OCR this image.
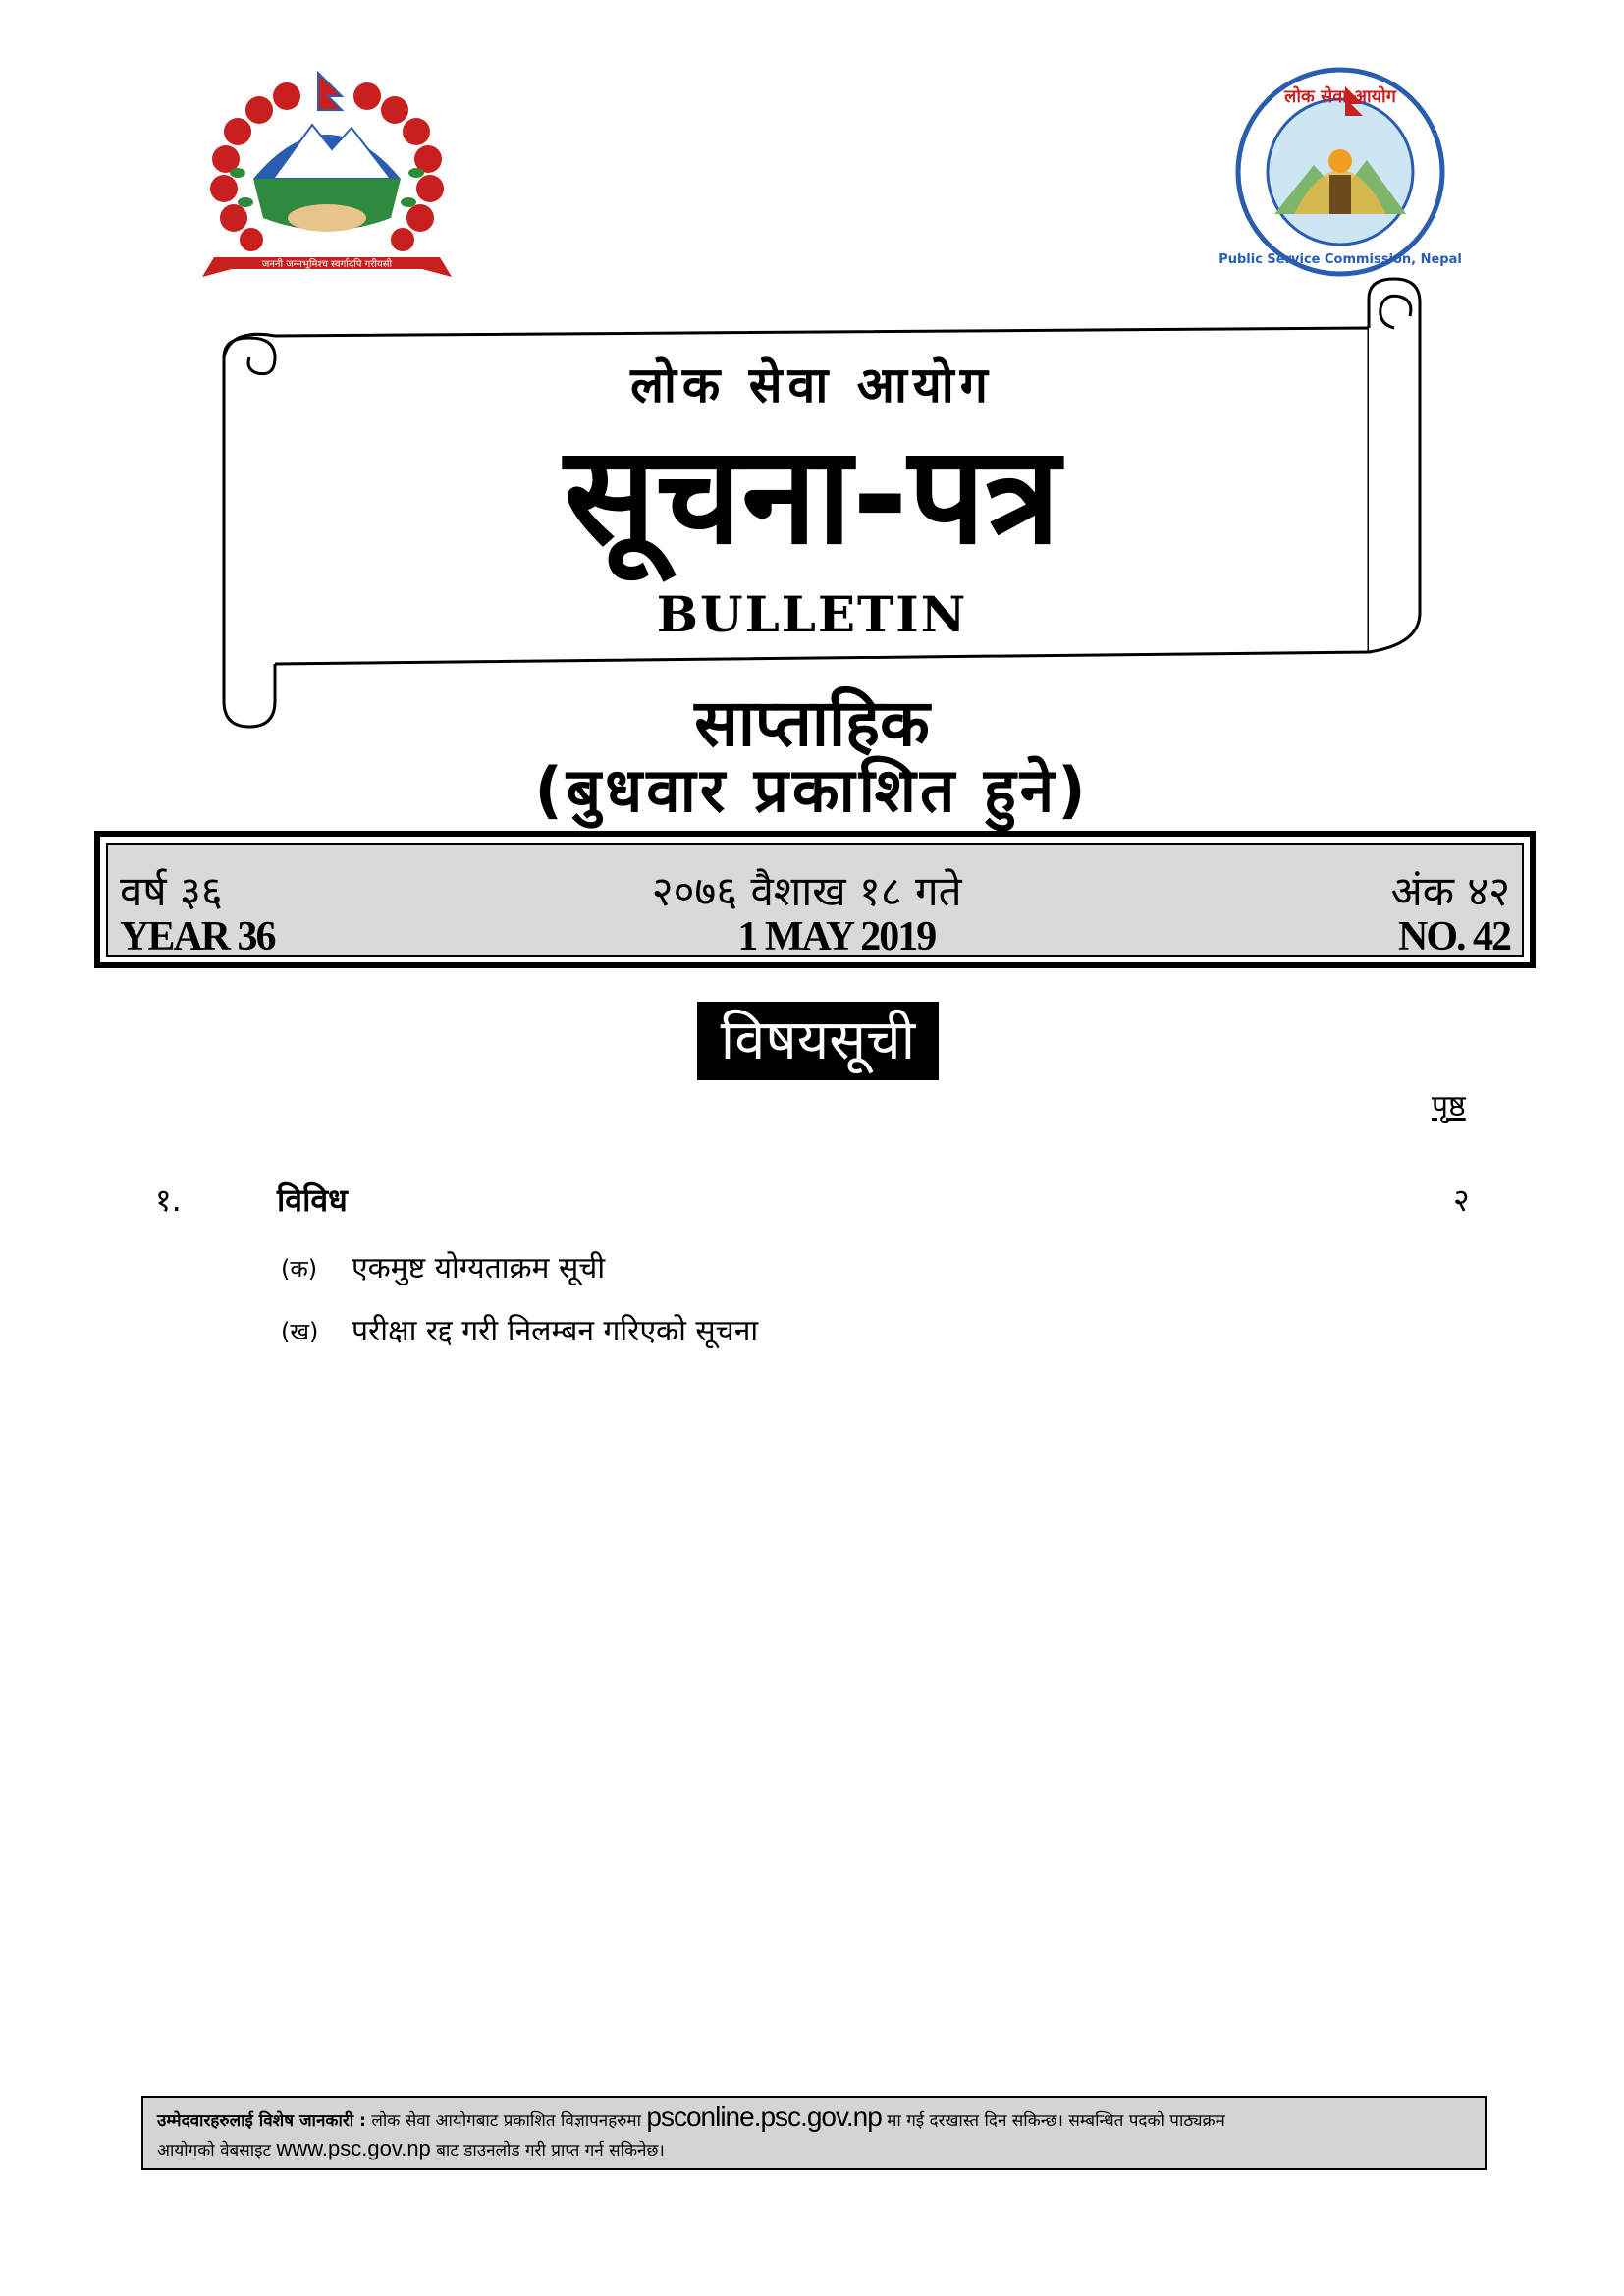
जननी जन्मभूमिश्च स्वर्गादपि गरीयसी
लोक सेवा आयोग
Public Service Commission, Nepal
लोक सेवा आयोग
सूचना-पत्र
BULLETIN
साप्ताहिक
(बुधवार प्रकाशित हुने)
वर्ष ३६	२०७६ वैशाख १८ गते	अंक ४२
YEAR 36	1 MAY 2019	NO. 42
विषयसूची
पृष्ठ
१.	विविध	२
(क)	एकमुष्ट योग्यताक्रम सूची
(ख)	परीक्षा रद्द गरी निलम्बन गरिएको सूचना
उम्मेदवारहरुलाई विशेष जानकारी : लोक सेवा आयोगबाट प्रकाशित विज्ञापनहरुमा psconline.psc.gov.np मा गई दरखास्त दिन सकिन्छ। सम्बन्धित पदको पाठ्यक्रम
आयोगको वेबसाइट www.psc.gov.np बाट डाउनलोड गरी प्राप्त गर्न सकिनेछ।
